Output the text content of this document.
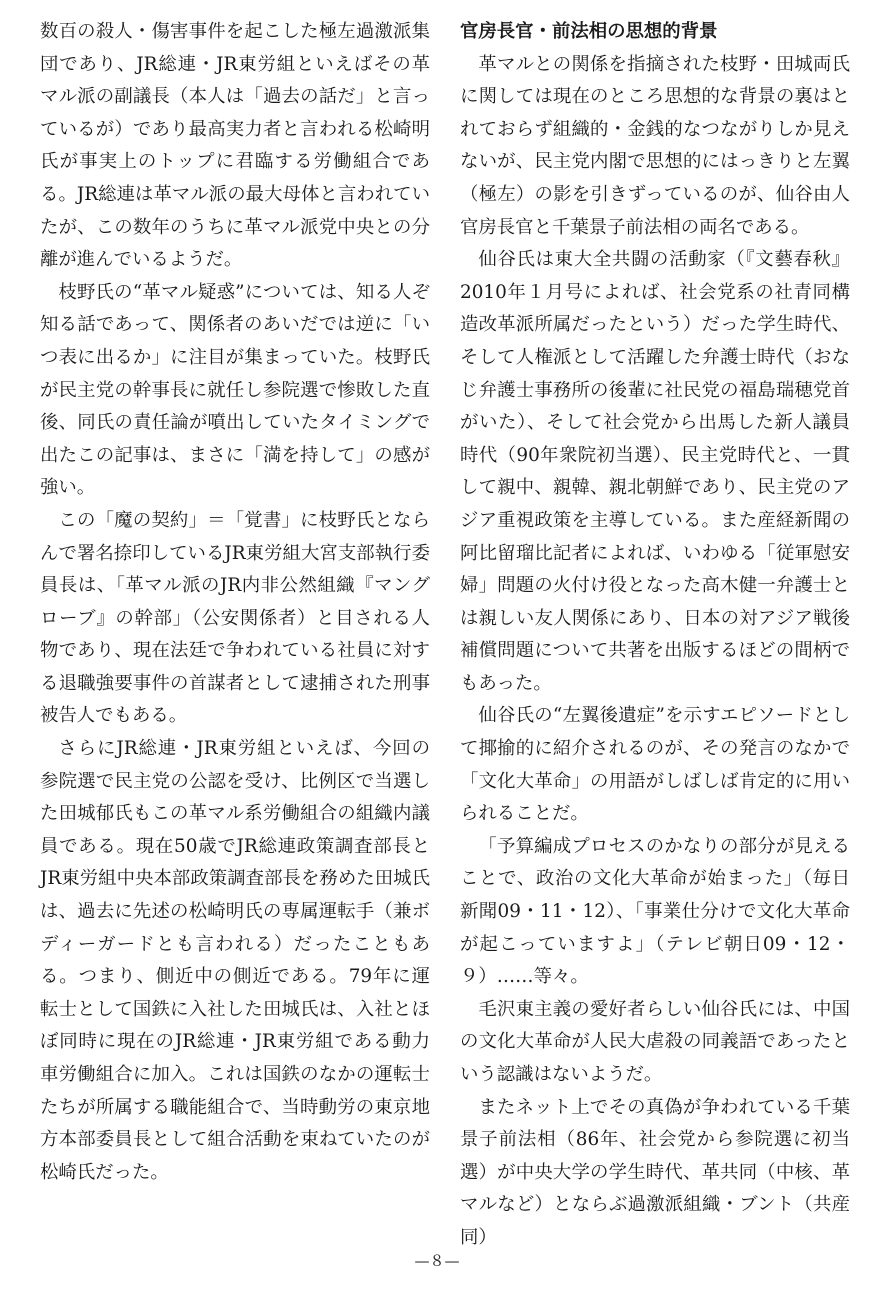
数百の殺人・傷害事件を起こした極左過激派集団であり、JR総連・JR東労組といえばその革マル派の副議長（本人は「過去の話だ」と言っているが）であり最高実力者と言われる松崎明氏が事実上のトップに君臨する労働組合である。JR総連は革マル派の最大母体と言われていたが、この数年のうちに革マル派党中央との分離が進んでいるようだ。

枝野氏の“革マル疑惑”については、知る人ぞ知る話であって、関係者のあいだでは逆に「いつ表に出るか」に注目が集まっていた。枝野氏が民主党の幹事長に就任し参院選で惨敗した直後、同氏の責任論が噴出していたタイミングで出たこの記事は、まさに「満を持して」の感が強い。

この「魔の契約」＝「覚書」に枝野氏とならんで署名捺印しているJR東労組大宮支部執行委員長は、「革マル派のJR内非公然組織『マングローブ』の幹部」（公安関係者）と目される人物であり、現在法廷で争われている社員に対する退職強要事件の首謀者として逮捕された刑事被告人でもある。

さらにJR総連・JR東労組といえば、今回の参院選で民主党の公認を受け、比例区で当選した田城郁氏もこの革マル系労働組合の組織内議員である。現在50歳でJR総連政策調査部長とJR東労組中央本部政策調査部長を務めた田城氏は、過去に先述の松崎明氏の専属運転手（兼ボディーガードとも言われる）だったこともある。つまり、側近中の側近である。79年に運転士として国鉄に入社した田城氏は、入社とほぼ同時に現在のJR総連・JR東労組である動力車労働組合に加入。これは国鉄のなかの運転士たちが所属する職能組合で、当時動労の東京地方本部委員長として組合活動を束ねていたのが松崎氏だった。

官房長官・前法相の思想的背景

革マルとの関係を指摘された枝野・田城両氏に関しては現在のところ思想的な背景の裏はとれておらず組織的・金銭的なつながりしか見えないが、民主党内閣で思想的にはっきりと左翼（極左）の影を引きずっているのが、仙谷由人官房長官と千葉景子前法相の両名である。

仙谷氏は東大全共闘の活動家（『文藝春秋』2010年１月号によれば、社会党系の社青同構造改革派所属だったという）だった学生時代、そして人権派として活躍した弁護士時代（おなじ弁護士事務所の後輩に社民党の福島瑞穂党首がいた）、そして社会党から出馬した新人議員時代（90年衆院初当選）、民主党時代と、一貫して親中、親韓、親北朝鮮であり、民主党のアジア重視政策を主導している。また産経新聞の阿比留瑠比記者によれば、いわゆる「従軍慰安婦」問題の火付け役となった高木健一弁護士とは親しい友人関係にあり、日本の対アジア戦後補償問題について共著を出版するほどの間柄でもあった。

仙谷氏の“左翼後遺症”を示すエピソードとして揶揄的に紹介されるのが、その発言のなかで「文化大革命」の用語がしばしば肯定的に用いられることだ。

「予算編成プロセスのかなりの部分が見えることで、政治の文化大革命が始まった」（毎日新聞09・11・12）、「事業仕分けで文化大革命が起こっていますよ」（テレビ朝日09・12・９）……等々。

毛沢東主義の愛好者らしい仙谷氏には、中国の文化大革命が人民大虐殺の同義語であったという認識はないようだ。

またネット上でその真偽が争われている千葉景子前法相（86年、社会党から参院選に初当選）が中央大学の学生時代、革共同（中核、革マルなど）とならぶ過激派組織・ブント（共産同）

—８—
